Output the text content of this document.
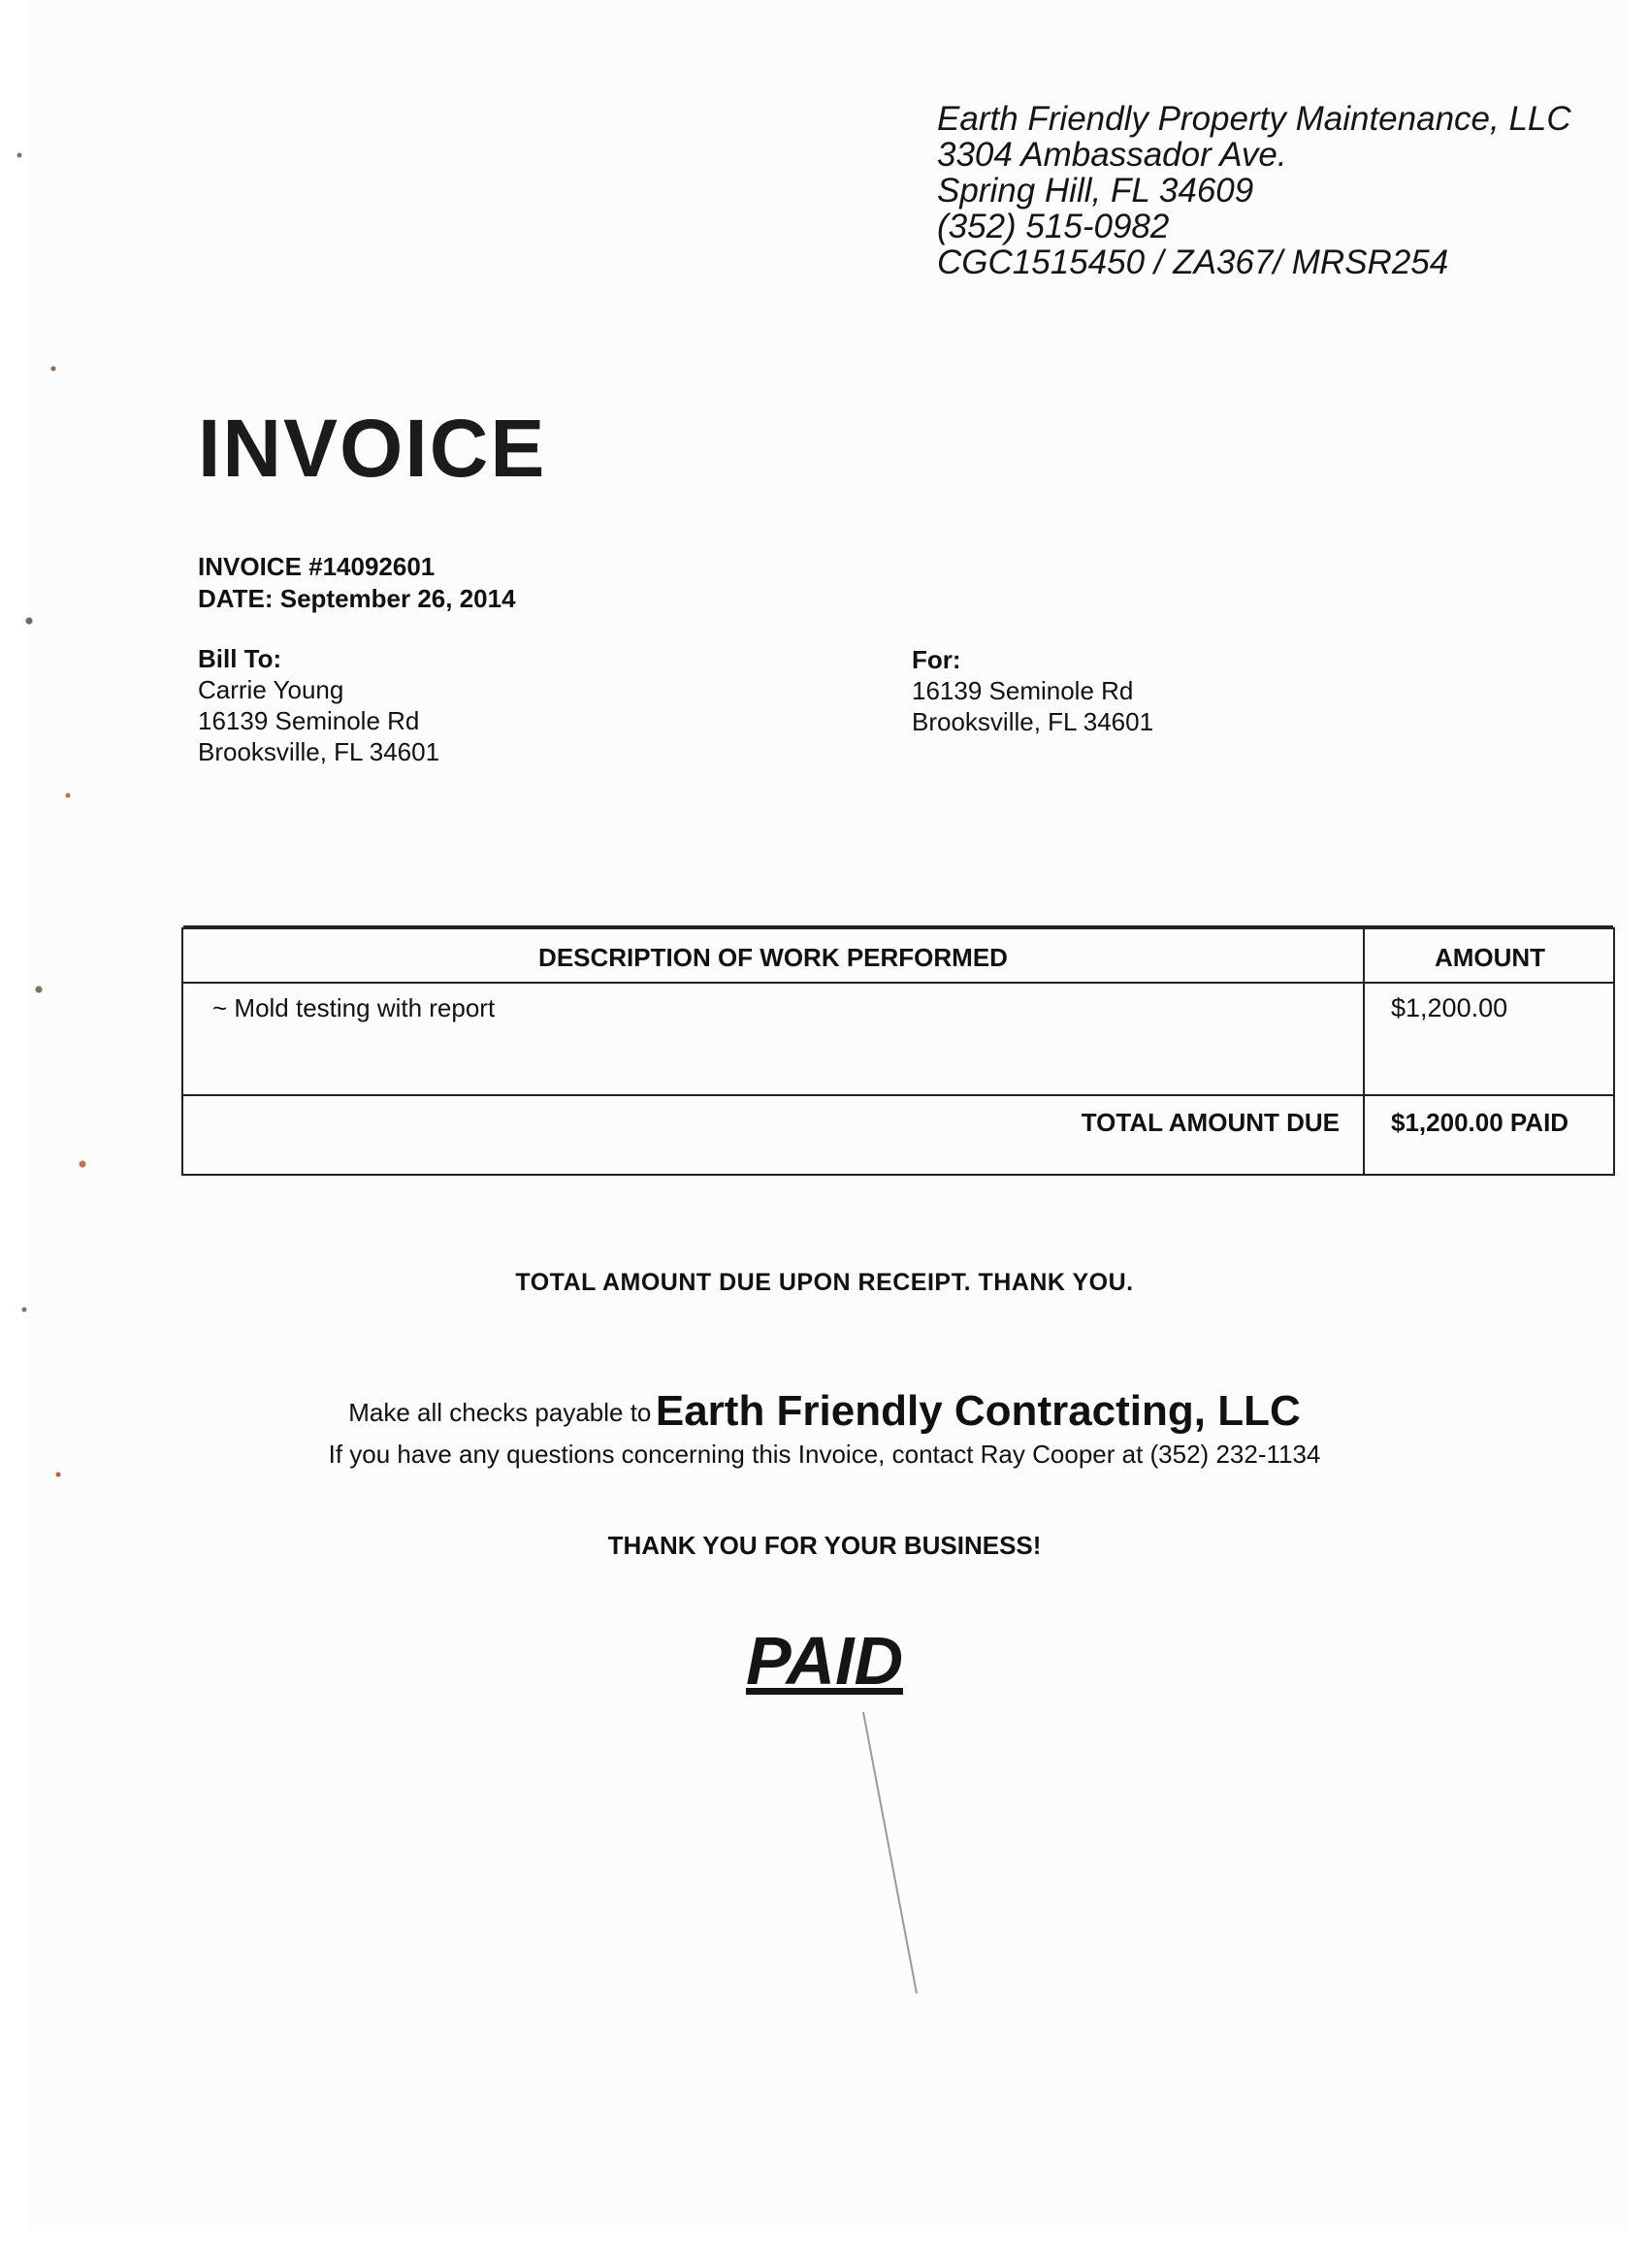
Earth Friendly Property Maintenance, LLC
3304 Ambassador Ave.
Spring Hill, FL 34609
(352) 515-0982
CGC1515450 / ZA367/ MRSR254
INVOICE
INVOICE #14092601
DATE: September 26, 2014
Bill To:
Carrie Young
16139 Seminole Rd
Brooksville, FL 34601
For:
16139 Seminole Rd
Brooksville, FL 34601
DESCRIPTION OF WORK PERFORMED	AMOUNT
~ Mold testing with report	$1,200.00
TOTAL AMOUNT DUE $1,200.00 PAID
TOTAL AMOUNT DUE UPON RECEIPT. THANK YOU.
Make all checks payable to Earth Friendly Contracting, LLC
If you have any questions concerning this Invoice, contact Ray Cooper at (352) 232-1134
THANK YOU FOR YOUR BUSINESS!
PAID
